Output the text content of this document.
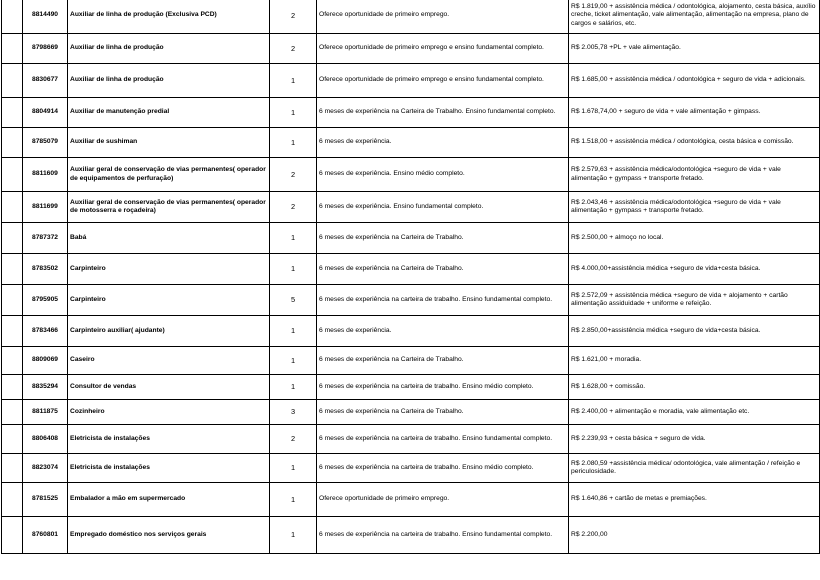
	8814490	Auxiliar de linha de produção (Exclusiva PCD)	2	Oferece oportunidade de primeiro emprego.	R$ 1.819,00 + assistência médica / odontológica, alojamento, cesta básica, auxílio creche, ticket alimentação, vale alimentação, alimentação na empresa, plano de cargos e salários, etc.
	8798669	Auxiliar de linha de produção	2	Oferece oportunidade de primeiro emprego e ensino fundamental completo.	R$ 2.005,78 +PL + vale alimentação.
	8830677	Auxiliar de linha de produção	1	Oferece oportunidade de primeiro emprego e ensino fundamental completo.	R$ 1.685,00 + assistência médica / odontológica + seguro de vida + adicionais.
	8804914	Auxiliar de manutenção predial	1	6 meses de experiência na Carteira de Trabalho. Ensino fundamental completo.	R$ 1.678,74,00 + seguro de vida + vale alimentação + gimpass.
	8785079	Auxiliar de sushiman	1	6 meses de experiência.	R$ 1.518,00 + assistência médica / odontológica, cesta básica e comissão.
	8811609	Auxiliar geral de conservação de vias permanentes( operador de equipamentos de perfuração)	2	6 meses de experiência. Ensino médio completo.	R$ 2.579,63 + assistência médica/odontológica +seguro de vida + vale alimentação + gympass + transporte fretado.
	8811699	Auxiliar geral de conservação de vias permanentes( operador de motosserra e roçadeira)	2	6 meses de experiência. Ensino fundamental completo.	R$ 2.043,46 + assistência médica/odontológica +seguro de vida + vale alimentação + gympass + transporte fretado.
	8787372	Babá	1	6 meses de experiência na Carteira de Trabalho.	R$ 2.500,00 + almoço no local.
	8783502	Carpinteiro	1	6 meses de experiência na Carteira de Trabalho.	R$ 4.000,00+assistência médica +seguro de vida+cesta básica.
	8795905	Carpinteiro	5	6 meses de experiência na carteira de trabalho. Ensino fundamental completo.	R$ 2.572,09 + assistência médica +seguro de vida + alojamento + cartão alimentação assiduidade + uniforme e refeição.
	8783466	Carpinteiro auxiliar( ajudante)	1	6 meses de experiência.	R$ 2.850,00+assistência médica +seguro de vida+cesta básica.
	8809069	Caseiro	1	6 meses de experiência na Carteira de Trabalho.	R$ 1.621,00 + moradia.
	8835294	Consultor de vendas	1	6 meses de experiência na carteira de trabalho. Ensino médio completo.	R$ 1.628,00 + comissão.
	8811875	Cozinheiro	3	6 meses de experiência na Carteira de Trabalho.	R$ 2.400,00 + alimentação e moradia, vale alimentação etc.
	8806408	Eletricista de instalações	2	6 meses de experiência na carteira de trabalho. Ensino fundamental completo.	R$ 2.239,93 + cesta básica + seguro de vida.
	8823074	Eletricista de instalações	1	6 meses de experiência na carteira de trabalho. Ensino médio completo.	R$ 2.080,59 +assistência médica/ odontológica, vale alimentação / refeição e periculosidade.
	8781525	Embalador a mão em supermercado	1	Oferece oportunidade de primeiro emprego.	R$ 1.640,86 + cartão de metas e premiações.
	8760801	Empregado doméstico nos serviços gerais	1	6 meses de experiência na carteira de trabalho. Ensino fundamental completo.	R$ 2.200,00
